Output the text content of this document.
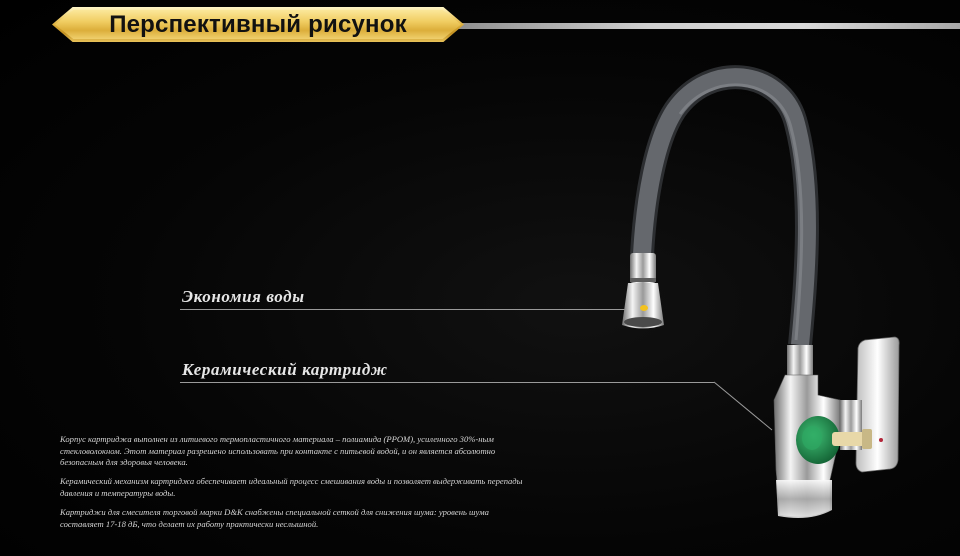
Перспективный рисунок
Экономия воды
Керамический картридж
Корпус картриджа выполнен из литиевого термопластичного материала – полиамида (PPOM), усиленного 30%-ным стекловолокном. Этот материал разрешено использовать при контакте с питьевой водой, и он является абсолютно безопасным для здоровья человека.
Керамический механизм картриджа обеспечивает идеальный процесс смешивания воды и позволяет выдерживать перепады давления и температуры воды.
Картриджи для смесителя торговой марки D&K снабжены специальной сеткой для снижения шума: уровень шума составляет 17-18 дБ, что делает их работу практически неслышной.
